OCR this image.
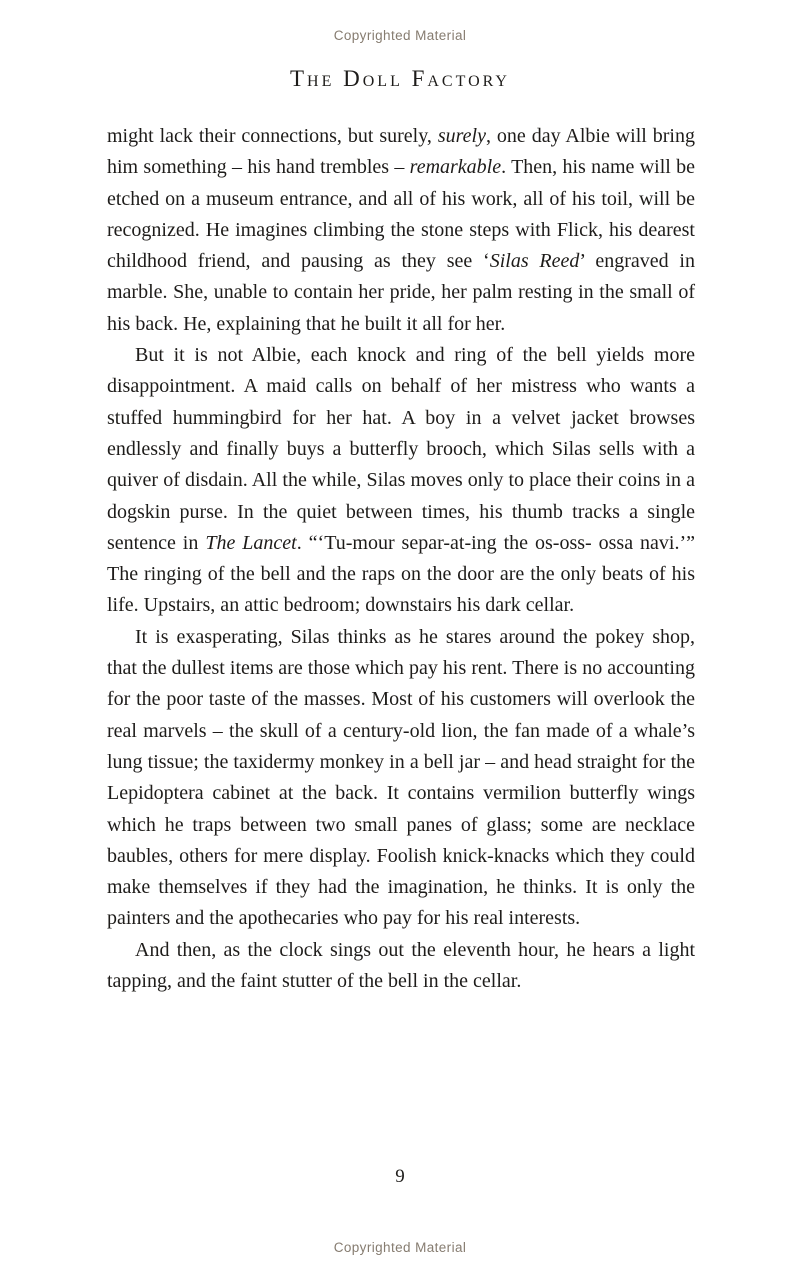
Copyrighted Material
The Doll Factory

might lack their connections, but surely, surely, one day Albie will bring him something – his hand trembles – remarkable. Then, his name will be etched on a museum entrance, and all of his work, all of his toil, will be recognized. He imagines climbing the stone steps with Flick, his dearest childhood friend, and pausing as they see ‘Silas Reed’ engraved in marble. She, unable to contain her pride, her palm resting in the small of his back. He, explaining that he built it all for her.

But it is not Albie, each knock and ring of the bell yields more disappointment. A maid calls on behalf of her mistress who wants a stuffed hummingbird for her hat. A boy in a velvet jacket browses endlessly and finally buys a butterfly brooch, which Silas sells with a quiver of disdain. All the while, Silas moves only to place their coins in a dogskin purse. In the quiet between times, his thumb tracks a single sentence in The Lancet. “‘Tu-mour separ-at-ing the os-oss- ossa navi.’” The ringing of the bell and the raps on the door are the only beats of his life. Upstairs, an attic bedroom; downstairs his dark cellar.

It is exasperating, Silas thinks as he stares around the pokey shop, that the dullest items are those which pay his rent. There is no accounting for the poor taste of the masses. Most of his customers will overlook the real marvels – the skull of a century-old lion, the fan made of a whale’s lung tissue; the taxidermy monkey in a bell jar – and head straight for the Lepidoptera cabinet at the back. It contains vermilion butterfly wings which he traps between two small panes of glass; some are necklace baubles, others for mere display. Foolish knick-knacks which they could make themselves if they had the imagination, he thinks. It is only the painters and the apothecaries who pay for his real interests.

And then, as the clock sings out the eleventh hour, he hears a light tapping, and the faint stutter of the bell in the cellar.

9
Copyrighted Material
